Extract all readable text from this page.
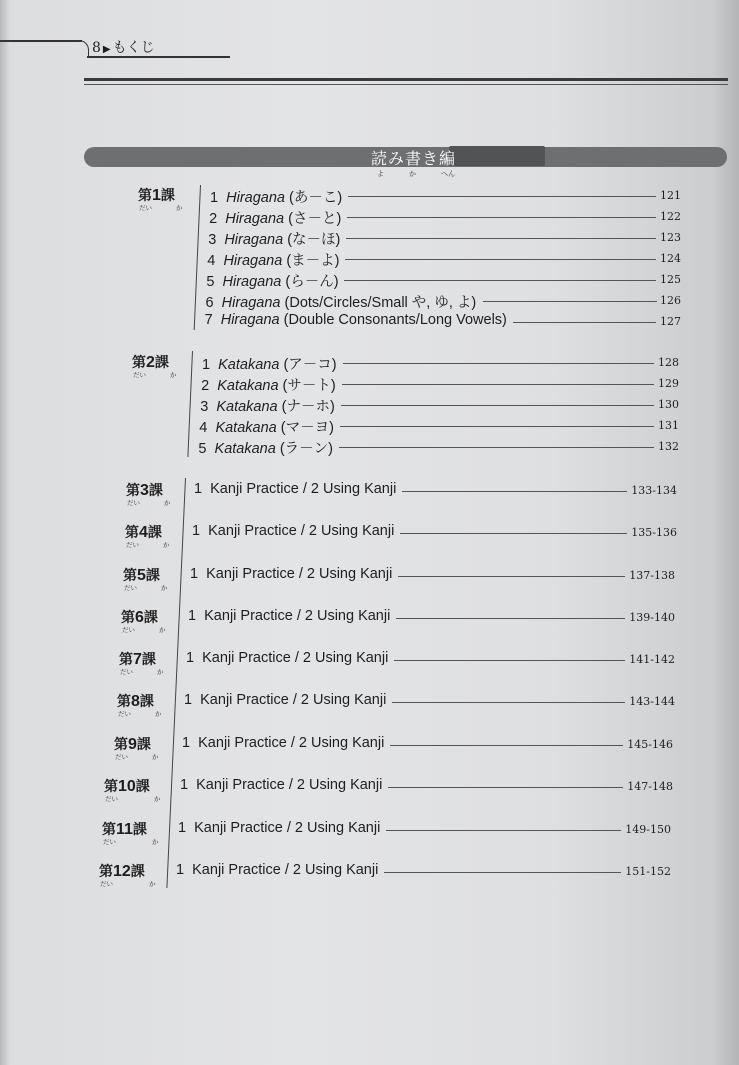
8 ▶ もくじ
読み書き編
よ	か	へん
第1課
だい	か
1 Hiragana (あ－こ)	121
2 Hiragana (さ－と)	122
3 Hiragana (な－ほ)	123
4 Hiragana (ま－よ)	124
5 Hiragana (ら－ん)	125
6 Hiragana (Dots/Circles/Small や, ゆ, よ)	126
7 Hiragana (Double Consonants/Long Vowels)	127
第2課
だい	か
1 Katakana (ア－コ)	128
2 Katakana (サ－ト)	129
3 Katakana (ナ－ホ)	130
4 Katakana (マ－ヨ)	131
5 Katakana (ラ－ン)	132
第3課
だい	か
1 Kanji Practice / 2 Using Kanji	133-134
第4課
だい	か
1 Kanji Practice / 2 Using Kanji	135-136
第5課
だい	か
1 Kanji Practice / 2 Using Kanji	137-138
第6課
だい	か
1 Kanji Practice / 2 Using Kanji	139-140
第7課
だい	か
1 Kanji Practice / 2 Using Kanji	141-142
第8課
だい	か
1 Kanji Practice / 2 Using Kanji	143-144
第9課
だい	か
1 Kanji Practice / 2 Using Kanji	145-146
第10課
だい	か
1 Kanji Practice / 2 Using Kanji	147-148
第11課
だい	か
1 Kanji Practice / 2 Using Kanji	149-150
第12課
だい	か
1 Kanji Practice / 2 Using Kanji	151-152
